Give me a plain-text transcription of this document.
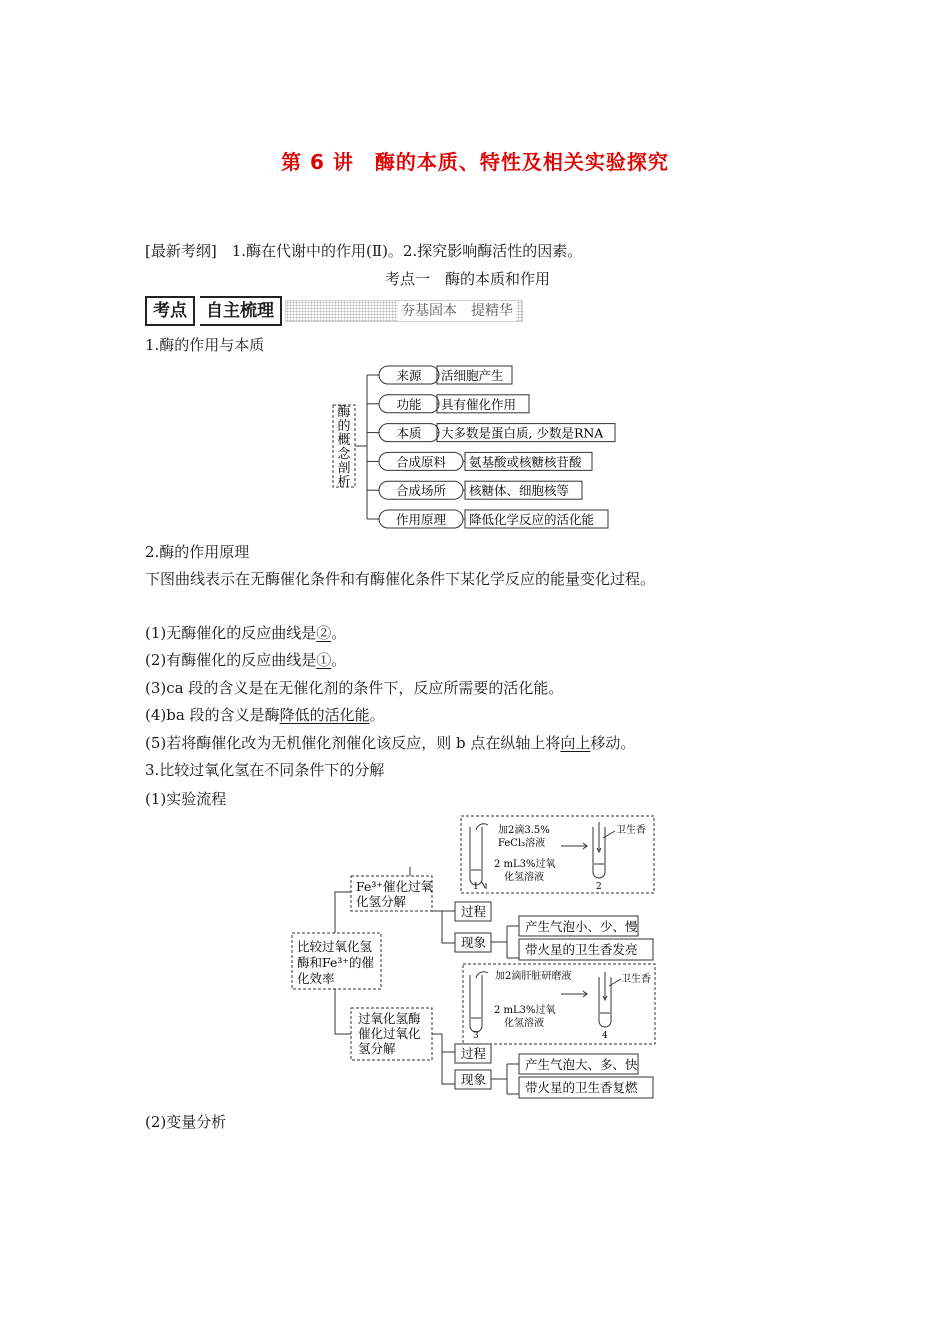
第 6 讲　酶的本质、特性及相关实验探究
[最新考纲]　1.酶在代谢中的作用(Ⅱ)。2.探究影响酶活性的因素。
考点一　酶的本质和作用
考点	自主梳理	夯基固本　提精华
1.酶的作用与本质
酶
的
概
念
剖
析
来源 活细胞产生
功能 具有催化作用
本质 大多数是蛋白质, 少数是RNA
合成原料 氨基酸或核糖核苷酸
合成场所 核糖体、细胞核等
作用原理 降低化学反应的活化能
2.酶的作用原理
下图曲线表示在无酶催化条件和有酶催化条件下某化学反应的能量变化过程。
(1)无酶催化的反应曲线是②。
(2)有酶催化的反应曲线是①。
(3)ca 段的含义是在无催化剂的条件下，反应所需要的活化能。
(4)ba 段的含义是酶降低的活化能。
(5)若将酶催化改为无机催化剂催化该反应，则 b 点在纵轴上将向上移动。
3.比较过氧化氢在不同条件下的分解
(1)实验流程
比较过氧化氢
酶和Fe³⁺的催
化效率
Fe³⁺催化过氧
化氢分解
1
加2滴3.5%
FeCl₃溶液
卫生香
2
2 mL3%过氧
化氢溶液
过程
现象
产生气泡小、少、慢
带火星的卫生香发亮
过氧化氢酶
催化过氧化
氢分解
3
加2滴肝脏研磨液	卫生香
4
2 mL3%过氧
化氢溶液
过程
现象
产生气泡大、多、快
带火星的卫生香复燃
(2)变量分析
